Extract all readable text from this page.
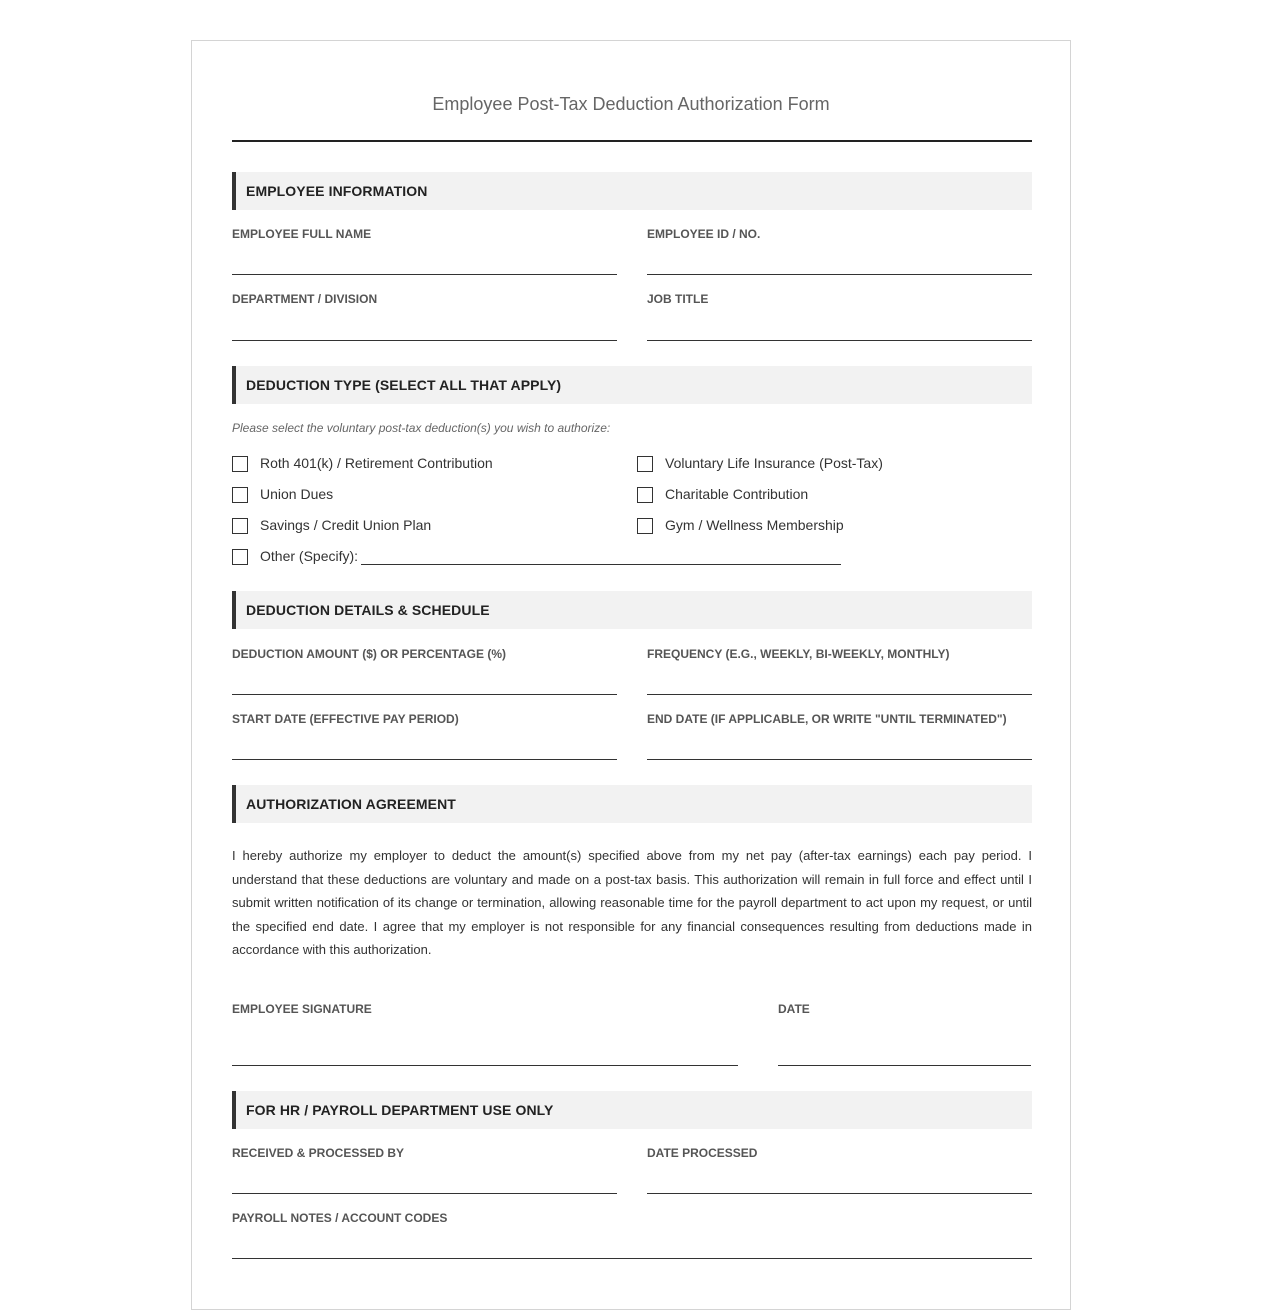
Employee Post-Tax Deduction Authorization Form
EMPLOYEE INFORMATION
EMPLOYEE FULL NAME	EMPLOYEE ID / NO.
DEPARTMENT / DIVISION	JOB TITLE
DEDUCTION TYPE (SELECT ALL THAT APPLY)
Please select the voluntary post-tax deduction(s) you wish to authorize:
Roth 401(k) / Retirement Contribution	Voluntary Life Insurance (Post-Tax)
Union Dues	Charitable Contribution
Savings / Credit Union Plan	Gym / Wellness Membership
Other (Specify):
DEDUCTION DETAILS & SCHEDULE
DEDUCTION AMOUNT ($) OR PERCENTAGE (%)	FREQUENCY (E.G., WEEKLY, BI-WEEKLY, MONTHLY)
START DATE (EFFECTIVE PAY PERIOD)	END DATE (IF APPLICABLE, OR WRITE "UNTIL TERMINATED")
AUTHORIZATION AGREEMENT
I hereby authorize my employer to deduct the amount(s) specified above from my net pay (after-tax earnings) each pay period. I understand that these deductions are voluntary and made on a post-tax basis. This authorization will remain in full force and effect until I submit written notification of its change or termination, allowing reasonable time for the payroll department to act upon my request, or until the specified end date. I agree that my employer is not responsible for any financial consequences resulting from deductions made in accordance with this authorization.
EMPLOYEE SIGNATURE	DATE
FOR HR / PAYROLL DEPARTMENT USE ONLY
RECEIVED & PROCESSED BY	DATE PROCESSED
PAYROLL NOTES / ACCOUNT CODES
